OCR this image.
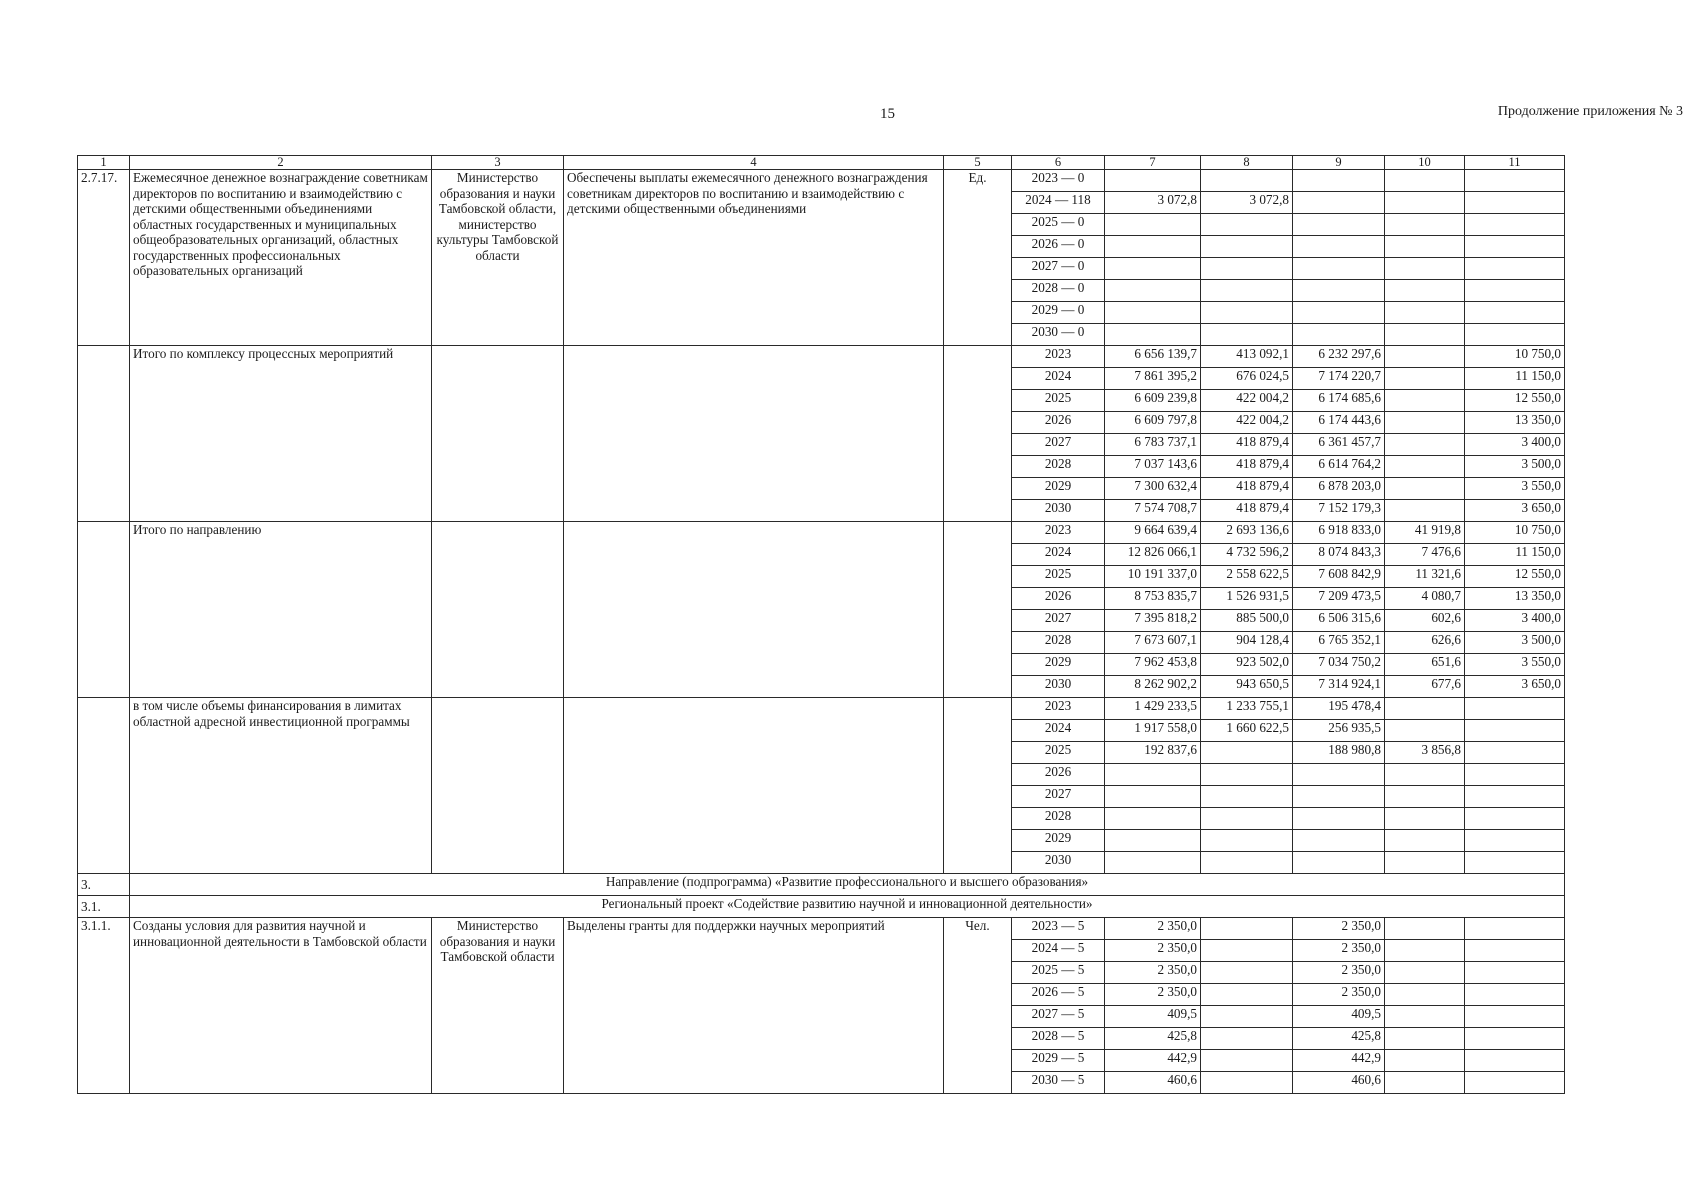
15	Продолжение приложения № 3
1	2	3	4	5	6	7	8	9	10	11
2.7.17.	Ежемесячное денежное вознаграждение советникам директоров по воспитанию и взаимодействию с детскими общественными объединениями областных государственных и муниципальных общеобразовательных организаций, областных государственных профессиональных образовательных организаций	Министерство образования и науки Тамбовской области, министерство культуры Тамбовской области	Обеспечены выплаты ежемесячного денежного вознаграждения советникам директоров по воспитанию и взаимодействию с детскими общественными объединениями	Ед.	2023 — 0					
					2024 — 118	3 072,8	3 072,8			
					2025 — 0					
					2026 — 0					
					2027 — 0					
					2028 — 0					
					2029 — 0					
					2030 — 0					
	Итого по комплексу процессных мероприятий				2023	6 656 139,7	413 092,1	6 232 297,6		10 750,0
					2024	7 861 395,2	676 024,5	7 174 220,7		11 150,0
					2025	6 609 239,8	422 004,2	6 174 685,6		12 550,0
					2026	6 609 797,8	422 004,2	6 174 443,6		13 350,0
					2027	6 783 737,1	418 879,4	6 361 457,7		3 400,0
					2028	7 037 143,6	418 879,4	6 614 764,2		3 500,0
					2029	7 300 632,4	418 879,4	6 878 203,0		3 550,0
					2030	7 574 708,7	418 879,4	7 152 179,3		3 650,0
	Итого по направлению				2023	9 664 639,4	2 693 136,6	6 918 833,0	41 919,8	10 750,0
					2024	12 826 066,1	4 732 596,2	8 074 843,3	7 476,6	11 150,0
					2025	10 191 337,0	2 558 622,5	7 608 842,9	11 321,6	12 550,0
					2026	8 753 835,7	1 526 931,5	7 209 473,5	4 080,7	13 350,0
					2027	7 395 818,2	885 500,0	6 506 315,6	602,6	3 400,0
					2028	7 673 607,1	904 128,4	6 765 352,1	626,6	3 500,0
					2029	7 962 453,8	923 502,0	7 034 750,2	651,6	3 550,0
					2030	8 262 902,2	943 650,5	7 314 924,1	677,6	3 650,0
	в том числе объемы финансирования в лимитах областной адресной инвестиционной программы				2023	1 429 233,5	1 233 755,1	195 478,4		
					2024	1 917 558,0	1 660 622,5	256 935,5		
					2025	192 837,6		188 980,8	3 856,8	
					2026					
					2027					
					2028					
					2029					
					2030					
3.	Направление (подпрограмма) «Развитие профессионального и высшего образования»									
3.1.	Региональный проект «Содействие развитию научной и инновационной деятельности»									
3.1.1.	Созданы условия для развития научной и инновационной деятельности в Тамбовской области	Министерство образования и науки Тамбовской области	Выделены гранты для поддержки научных мероприятий	Чел.	2023 — 5	2 350,0		2 350,0		
					2024 — 5	2 350,0		2 350,0		
					2025 — 5	2 350,0		2 350,0		
					2026 — 5	2 350,0		2 350,0		
					2027 — 5	409,5		409,5		
					2028 — 5	425,8		425,8		
					2029 — 5	442,9		442,9		
					2030 — 5	460,6		460,6		
